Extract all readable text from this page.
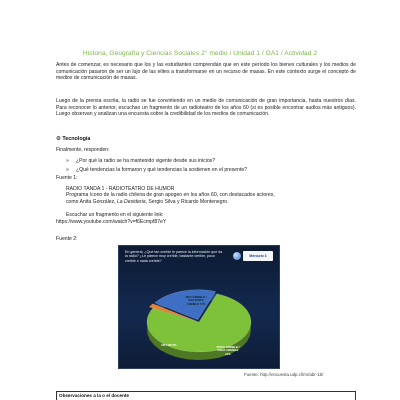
Historia, Geografía y Ciencias Sociales 2° medio / Unidad 1 / OA1 / Actividad 2
Antes de comenzar, es necesario que los y las estudiantes comprendan que en este período los bienes culturales y los medios de comunicación pasaron de ser un lujo de las elites a transformarse en un recurso de masas. En este contexto surge el concepto de medios de comunicación de masas.
Luego de la prensa escrita, la radio se fue convirtiendo en un medio de comunicación de gran importancia, hasta nuestros días. Para reconocer lo anterior, escuchan un fragmento de un radioteatro de los años 60 (si es posible encontrar audios más antiguos). Luego observan y analizan una encuesta sobre la credibilidad de los medios de comunicación.
⚙ Tecnología
Finalmente, responden:
» ¿Por qué la radio se ha mantenido vigente desde sus inicios?
» ¿Qué tendencias la formaron y qué tendencias la sostienen en el presente?
Fuente 1:
RADIO TANDA 1 - RADIOTEATRO DE HUMOR
Programa ícono de la radio chilena de gran apogeo en los años 60, con destacados actores, como Anita González, La Desideria, Sergio Silva y Ricardo Montenegro.
Escuchar un fragmento en el siguiente link:
https://www.youtube.com/watch?v=f6Ecmpf87eY
Fuente 2:
En general, ¿Qué tan creíble le parece la información que da la radio? ¿Le parece muy creíble, bastante creíble, poco creíble o nada creíble?
Mercurio 3
MUY CREÍBLE / BASTANTE CREÍBLE 77%
NS / NR 2%	POCO CREÍBLE / NADA CREÍBLE 21%
Fuente: http://encuesta.udp.cl/rm/abr-15/
Observaciones a la o el docente
